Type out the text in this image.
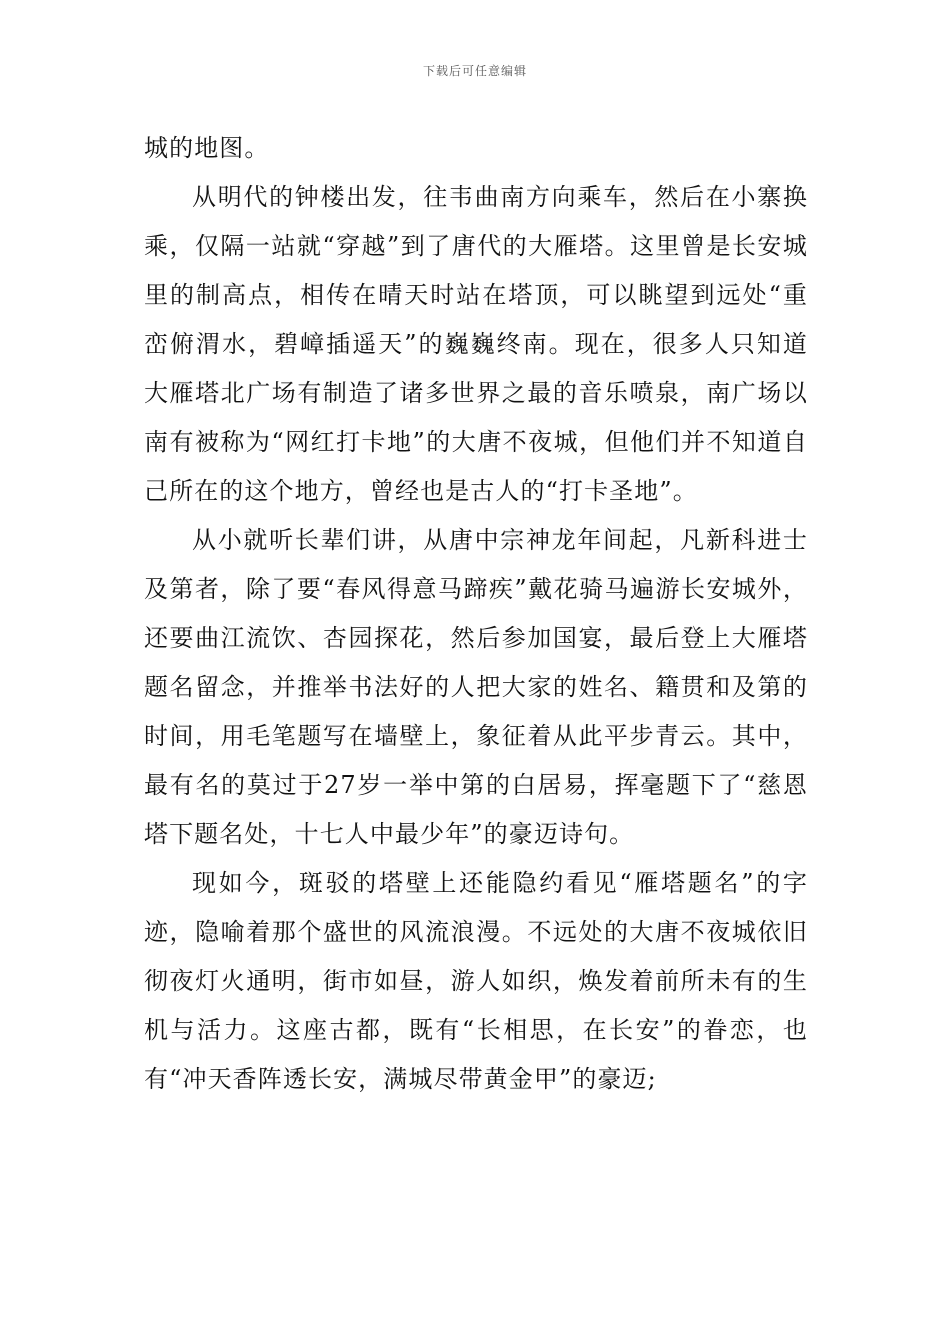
下载后可任意编辑

城的地图。

从明代的钟楼出发，往韦曲南方向乘车，然后在小寨换乘，仅隔一站就“穿越”到了唐代的大雁塔。这里曾是长安城里的制高点，相传在晴天时站在塔顶，可以眺望到远处“重峦俯渭水，碧嶂插遥天”的巍巍终南。现在，很多人只知道大雁塔北广场有制造了诸多世界之最的音乐喷泉，南广场以南有被称为“网红打卡地”的大唐不夜城，但他们并不知道自己所在的这个地方，曾经也是古人的“打卡圣地”。

从小就听长辈们讲，从唐中宗神龙年间起，凡新科进士及第者，除了要“春风得意马蹄疾”戴花骑马遍游长安城外，还要曲江流饮、杏园探花，然后参加国宴，最后登上大雁塔题名留念，并推举书法好的人把大家的姓名、籍贯和及第的时间，用毛笔题写在墙壁上，象征着从此平步青云。其中，最有名的莫过于27岁一举中第的白居易，挥毫题下了“慈恩塔下题名处，十七人中最少年”的豪迈诗句。

现如今，斑驳的塔壁上还能隐约看见“雁塔题名”的字迹，隐喻着那个盛世的风流浪漫。不远处的大唐不夜城依旧彻夜灯火通明，街市如昼，游人如织，焕发着前所未有的生机与活力。这座古都，既有“长相思，在长安”的眷恋，也有“冲天香阵透长安，满城尽带黄金甲”的豪迈;
